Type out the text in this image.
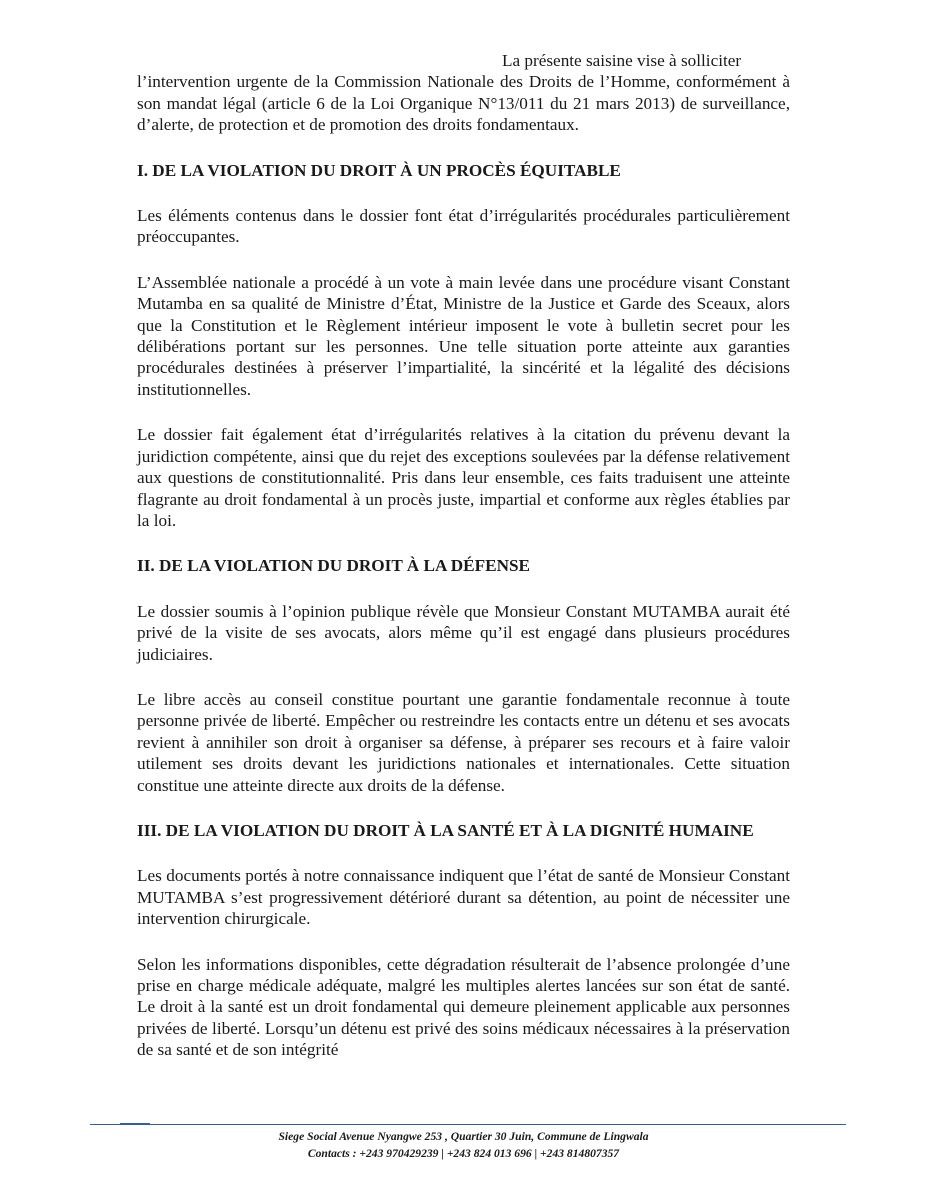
La présente saisine vise à solliciter

l’intervention urgente de la Commission Nationale des Droits de l’Homme, conformément à son mandat légal (article 6 de la Loi Organique N°13/011 du 21 mars 2013) de surveillance, d’alerte, de protection et de promotion des droits fondamentaux.

I. DE LA VIOLATION DU DROIT À UN PROCÈS ÉQUITABLE

Les éléments contenus dans le dossier font état d’irrégularités procédurales particulièrement préoccupantes.

L’Assemblée nationale a procédé à un vote à main levée dans une procédure visant Constant Mutamba en sa qualité de Ministre d’État, Ministre de la Justice et Garde des Sceaux, alors que la Constitution et le Règlement intérieur imposent le vote à bulletin secret pour les délibérations portant sur les personnes. Une telle situation porte atteinte aux garanties procédurales destinées à préserver l’impartialité, la sincérité et la légalité des décisions institutionnelles.

Le dossier fait également état d’irrégularités relatives à la citation du prévenu devant la juridiction compétente, ainsi que du rejet des exceptions soulevées par la défense relativement aux questions de constitutionnalité. Pris dans leur ensemble, ces faits traduisent une atteinte flagrante au droit fondamental à un procès juste, impartial et conforme aux règles établies par la loi.

II. DE LA VIOLATION DU DROIT À LA DÉFENSE

Le dossier soumis à l’opinion publique révèle que Monsieur Constant MUTAMBA aurait été privé de la visite de ses avocats, alors même qu’il est engagé dans plusieurs procédures judiciaires.

Le libre accès au conseil constitue pourtant une garantie fondamentale reconnue à toute personne privée de liberté. Empêcher ou restreindre les contacts entre un détenu et ses avocats revient à annihiler son droit à organiser sa défense, à préparer ses recours et à faire valoir utilement ses droits devant les juridictions nationales et internationales. Cette situation constitue une atteinte directe aux droits de la défense.

III. DE LA VIOLATION DU DROIT À LA SANTÉ ET À LA DIGNITÉ HUMAINE

Les documents portés à notre connaissance indiquent que l’état de santé de Monsieur Constant MUTAMBA s’est progressivement détérioré durant sa détention, au point de nécessiter une intervention chirurgicale.

Selon les informations disponibles, cette dégradation résulterait de l’absence prolongée d’une prise en charge médicale adéquate, malgré les multiples alertes lancées sur son état de santé. Le droit à la santé est un droit fondamental qui demeure pleinement applicable aux personnes privées de liberté. Lorsqu’un détenu est privé des soins médicaux nécessaires à la préservation de sa santé et de son intégrité

Siege Social Avenue Nyangwe 253 , Quartier 30 Juin, Commune de Lingwala
Contacts : +243 970429239 | +243 824 013 696 | +243 814807357
